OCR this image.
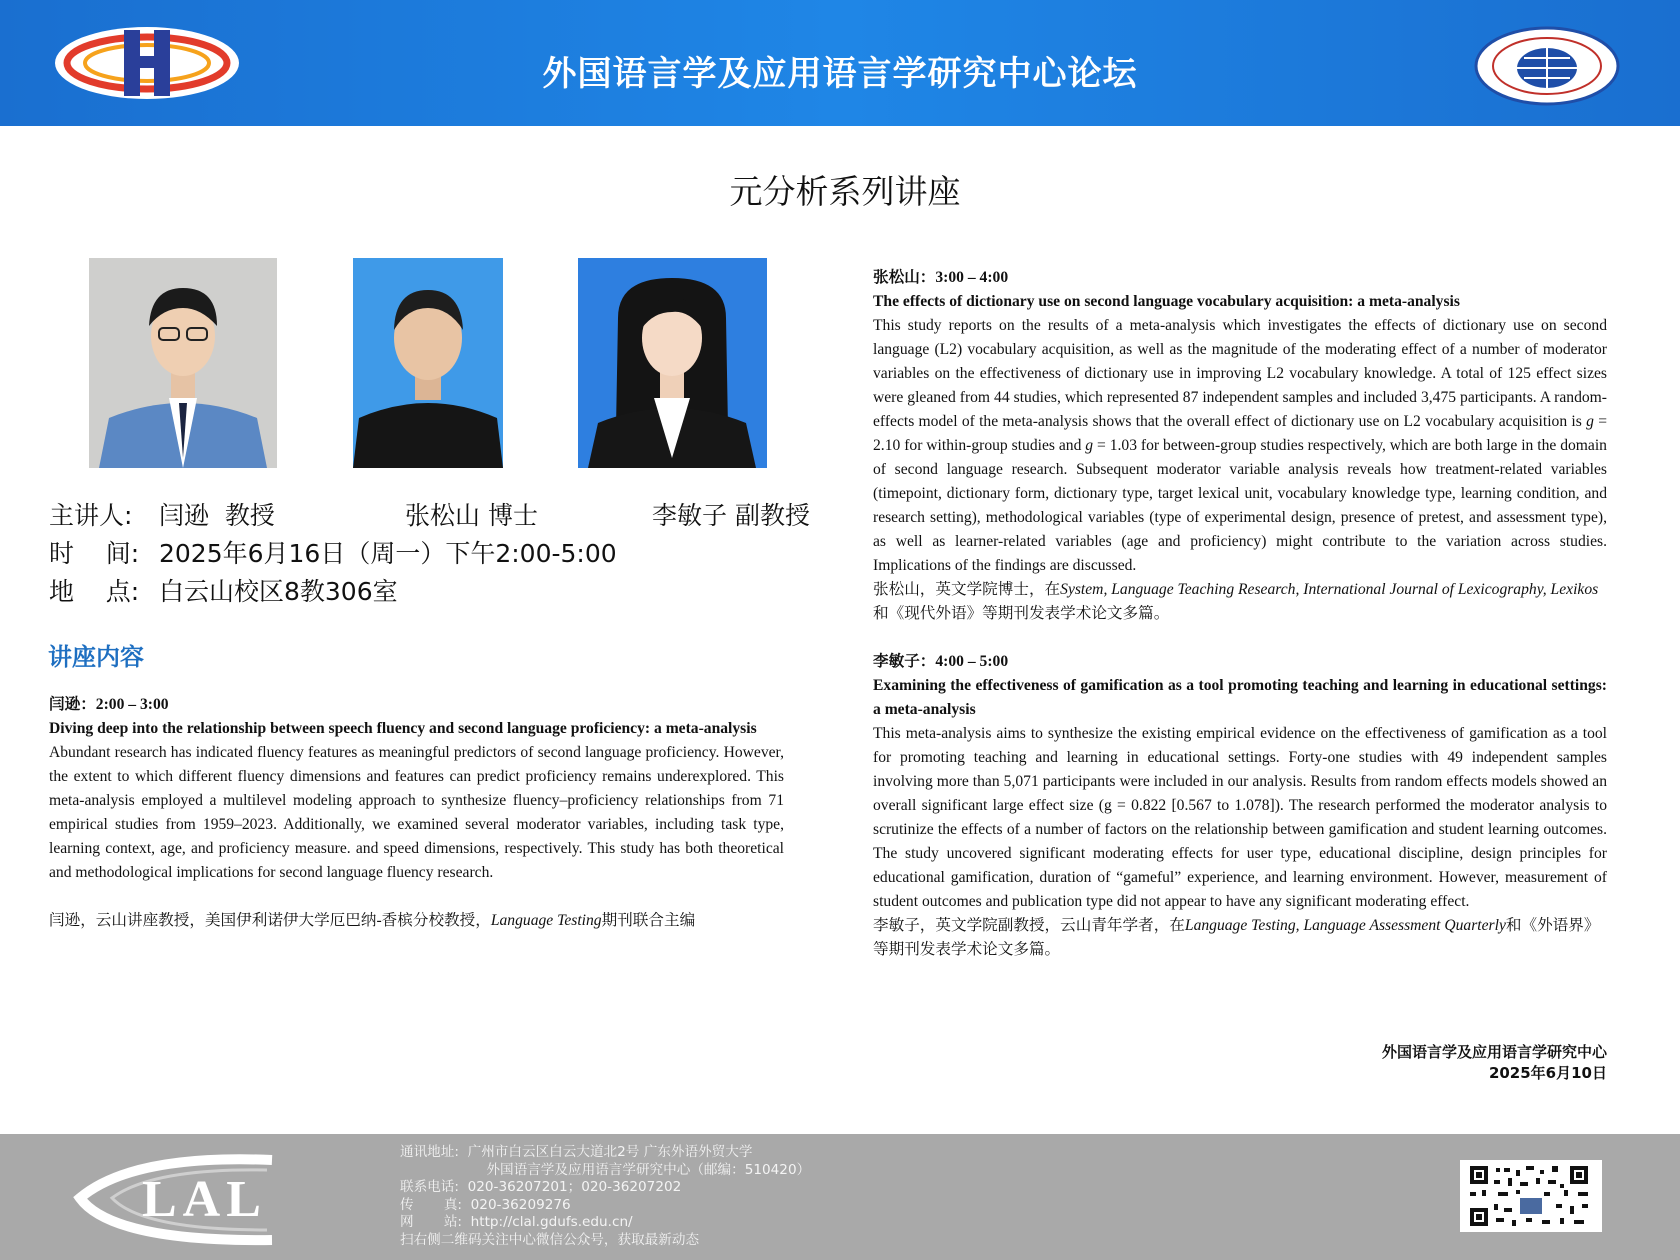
外国语言学及应用语言学研究中心论坛
元分析系列讲座
主讲人: 闫逊  教授	张松山 博士	李敏子 副教授
时    间: 2025年6月16日（周一）下午2:00-5:00
地    点: 白云山校区8教306室
讲座内容
闫逊：2:00 – 3:00
Diving deep into the relationship between speech fluency and second language proficiency: a meta-analysis
Abundant research has indicated fluency features as meaningful predictors of second language proficiency. However, the extent to which different fluency dimensions and features can predict proficiency remains underexplored. This meta-analysis employed a multilevel modeling approach to synthesize fluency–proficiency relationships from 71 empirical studies from 1959–2023. Additionally, we examined several moderator variables, including task type, learning context, age, and proficiency measure. and speed dimensions, respectively. This study has both theoretical and methodological implications for second language fluency research.
闫逊，云山讲座教授，美国伊利诺伊大学厄巴纳-香槟分校教授，Language Testing期刊联合主编
张松山：3:00 – 4:00
The effects of dictionary use on second language vocabulary acquisition: a meta-analysis
This study reports on the results of a meta-analysis which investigates the effects of dictionary use on second language (L2) vocabulary acquisition, as well as the magnitude of the moderating effect of a number of moderator variables on the effectiveness of dictionary use in improving L2 vocabulary knowledge. A total of 125 effect sizes were gleaned from 44 studies, which represented 87 independent samples and included 3,475 participants. A random-effects model of the meta-analysis shows that the overall effect of dictionary use on L2 vocabulary acquisition is g = 2.10 for within-group studies and g = 1.03 for between-group studies respectively, which are both large in the domain of second language research. Subsequent moderator variable analysis reveals how treatment-related variables (timepoint, dictionary form, dictionary type, target lexical unit, vocabulary knowledge type, learning condition, and research setting), methodological variables (type of experimental design, presence of pretest, and assessment type), as well as learner-related variables (age and proficiency) might contribute to the variation across studies. Implications of the findings are discussed.
张松山，英文学院博士，在System, Language Teaching Research, International Journal of Lexicography, Lexikos和《现代外语》等期刊发表学术论文多篇。
李敏子：4:00 – 5:00
Examining the effectiveness of gamification as a tool promoting teaching and learning in educational settings: a meta-analysis
This meta-analysis aims to synthesize the existing empirical evidence on the effectiveness of gamification as a tool for promoting teaching and learning in educational settings. Forty-one studies with 49 independent samples involving more than 5,071 participants were included in our analysis. Results from random effects models showed an overall significant large effect size (g = 0.822 [0.567 to 1.078]). The research performed the moderator analysis to scrutinize the effects of a number of factors on the relationship between gamification and student learning outcomes. The study uncovered significant moderating effects for user type, educational discipline, design principles for educational gamification, duration of “gameful” experience, and learning environment. However, measurement of student outcomes and publication type did not appear to have any significant moderating effect.
李敏子，英文学院副教授，云山青年学者，在Language Testing, Language Assessment Quarterly和《外语界》等期刊发表学术论文多篇。
外国语言学及应用语言学研究中心
2025年6月10日
LAL
通讯地址:  广州市白云区白云大道北2号 广东外语外贸大学
外国语言学及应用语言学研究中心（邮编：510420）
联系电话:  020-36207201；020-36207202
传       真:  020-36209276
网       站:  http://clal.gdufs.edu.cn/
扫右侧二维码关注中心微信公众号，获取最新动态
